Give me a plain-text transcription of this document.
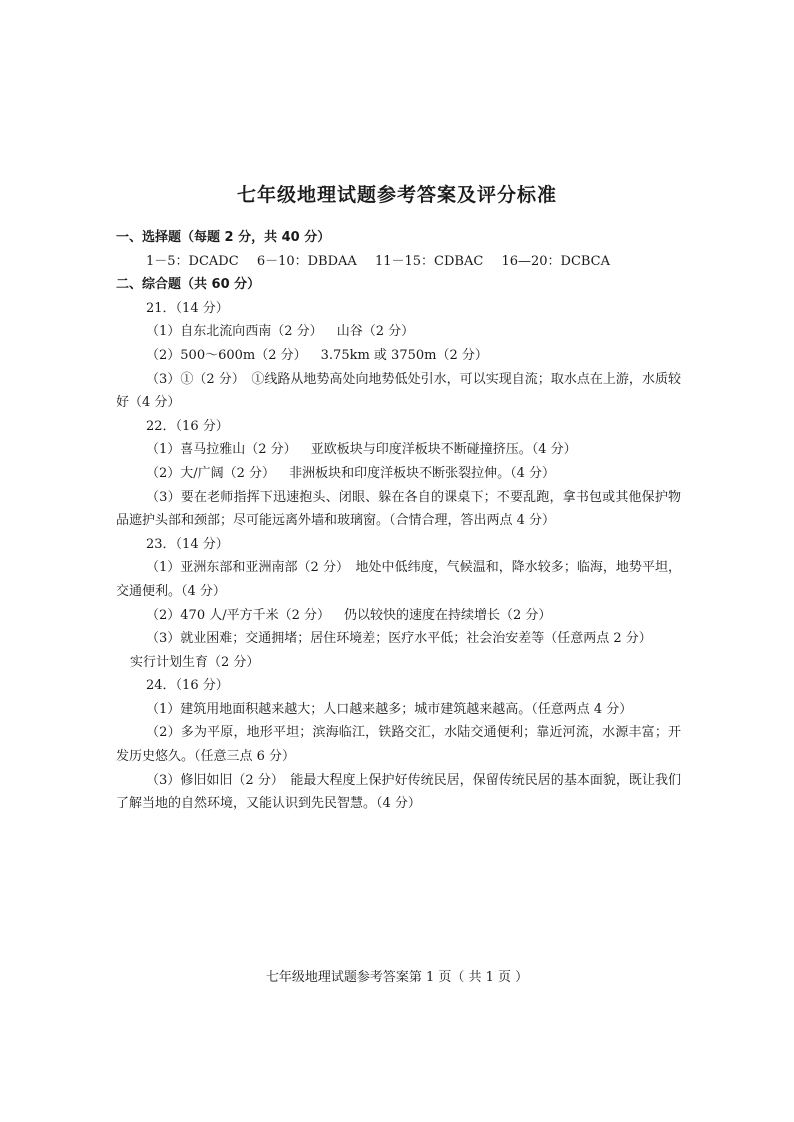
七年级地理试题参考答案及评分标准
一、选择题（每题 2 分，共 40 分）
1－5：DCADC 6－10：DBDAA 11－15：CDBAC 16—20：DCBCA
二、综合题（共 60 分）
21．（14 分）
（1）自东北流向西南（2 分） 山谷（2 分）
（2）500～600m（2 分） 3.75km 或 3750m（2 分）
（3）①（2 分）　①线路从地势高处向地势低处引水，可以实现自流；取水点在上游，水质较好（4 分）
22．（16 分）
（1）喜马拉雅山（2 分） 亚欧板块与印度洋板块不断碰撞挤压。（4 分）
（2）大/广阔（2 分） 非洲板块和印度洋板块不断张裂拉伸。（4 分）
（3）要在老师指挥下迅速抱头、闭眼、躲在各自的课桌下；不要乱跑，拿书包或其他保护物品遮护头部和颈部；尽可能远离外墙和玻璃窗。（合情合理，答出两点 4 分）
23．（14 分）
（1）亚洲东部和亚洲南部（2 分）　地处中低纬度，气候温和，降水较多；临海，地势平坦，交通便利。（4 分）
（2）470 人/平方千米（2 分） 仍以较快的速度在持续增长（2 分）
（3）就业困难；交通拥堵；居住环境差；医疗水平低；社会治安差等（任意两点 2 分）
实行计划生育（2 分）
24．（16 分）
（1）建筑用地面积越来越大；人口越来越多；城市建筑越来越高。（任意两点 4 分）
（2）多为平原，地形平坦；滨海临江，铁路交汇，水陆交通便利；靠近河流，水源丰富；开发历史悠久。（任意三点 6 分）
（3）修旧如旧（2 分）　能最大程度上保护好传统民居，保留传统民居的基本面貌，既让我们了解当地的自然环境，又能认识到先民智慧。（4 分）
七年级地理试题参考答案第 1 页（ 共 1 页 ）
